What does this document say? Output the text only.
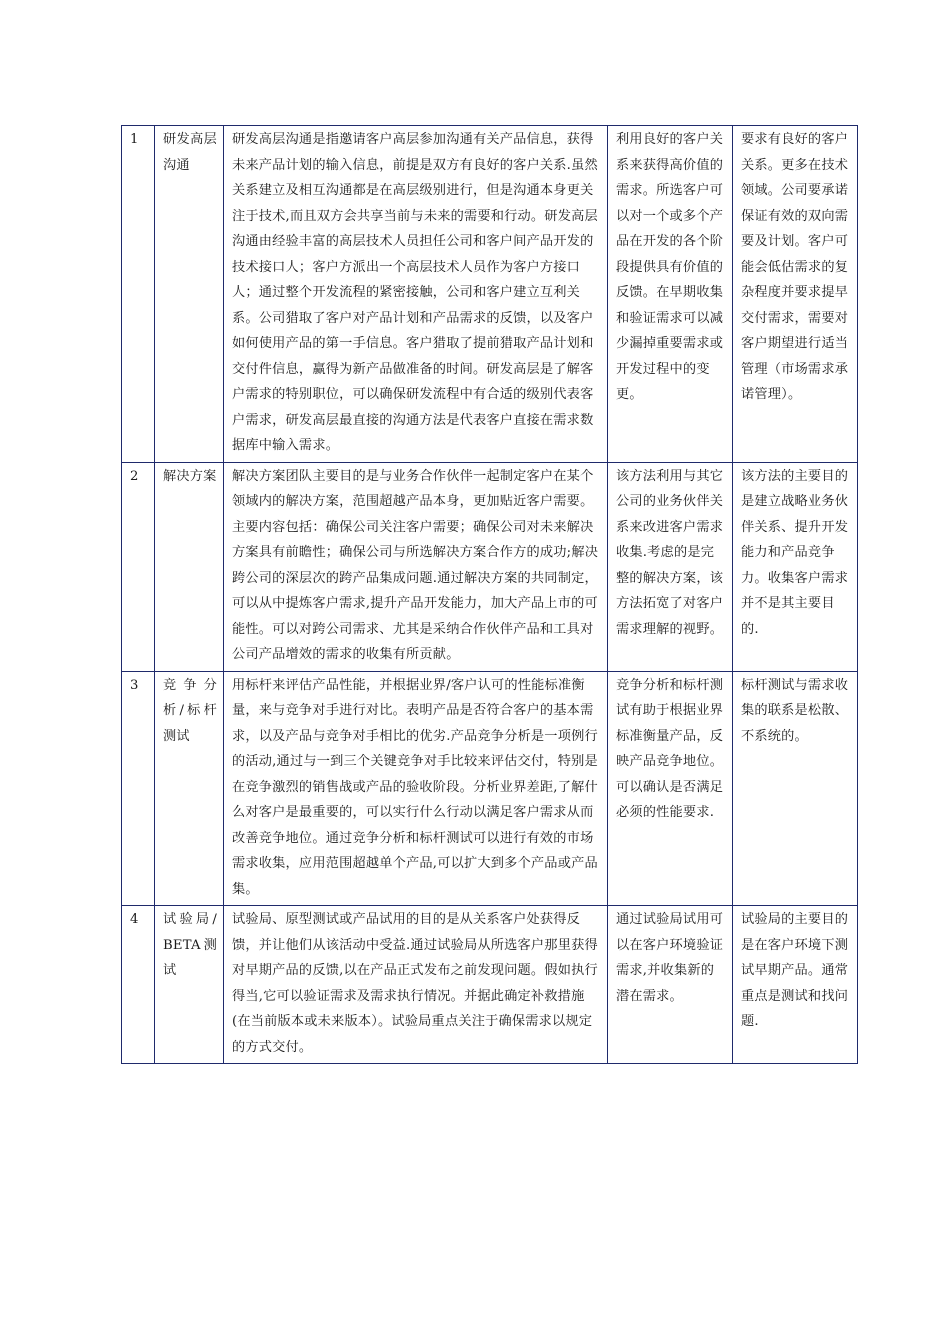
1	研发高层沟通	研发高层沟通是指邀请客户高层参加沟通有关产品信息，获得未来产品计划的输入信息，前提是双方有良好的客户关系.虽然关系建立及相互沟通都是在高层级别进行，但是沟通本身更关注于技术,而且双方会共享当前与未来的需要和行动。研发高层沟通由经验丰富的高层技术人员担任公司和客户间产品开发的技术接口人；客户方派出一个高层技术人员作为客户方接口人；通过整个开发流程的紧密接触，公司和客户建立互利关系。公司猎取了客户对产品计划和产品需求的反馈，以及客户如何使用产品的第一手信息。客户猎取了提前猎取产品计划和交付件信息，赢得为新产品做准备的时间。研发高层是了解客户需求的特别职位，可以确保研发流程中有合适的级别代表客户需求，研发高层最直接的沟通方法是代表客户直接在需求数据库中输入需求。	利用良好的客户关系来获得高价值的需求。所选客户可以对一个或多个产品在开发的各个阶段提供具有价值的反馈。在早期收集和验证需求可以减少漏掉重要需求或开发过程中的变更。	要求有良好的客户关系。更多在技术领域。公司要承诺保证有效的双向需要及计划。客户可能会低估需求的复杂程度并要求提早交付需求，需要对客户期望进行适当管理（市场需求承诺管理）。
2	解决方案	解决方案团队主要目的是与业务合作伙伴一起制定客户在某个领域内的解决方案，范围超越产品本身，更加贴近客户需要。主要内容包括：确保公司关注客户需要；确保公司对未来解决方案具有前瞻性；确保公司与所选解决方案合作方的成功;解决跨公司的深层次的跨产品集成问题.通过解决方案的共同制定，可以从中提炼客户需求,提升产品开发能力，加大产品上市的可能性。可以对跨公司需求、尤其是采纳合作伙伴产品和工具对公司产品增效的需求的收集有所贡献。	该方法利用与其它公司的业务伙伴关系来改进客户需求收集.考虑的是完整的解决方案，该方法拓宽了对客户需求理解的视野。	该方法的主要目的是建立战略业务伙伴关系、提升开发能力和产品竞争力。收集客户需求并不是其主要目的.
3	竞争分析/标杆测试	用标杆来评估产品性能，并根据业界/客户认可的性能标准衡量，来与竞争对手进行对比。表明产品是否符合客户的基本需求，以及产品与竞争对手相比的优劣.产品竞争分析是一项例行的活动,通过与一到三个关键竞争对手比较来评估交付，特别是在竞争激烈的销售战或产品的验收阶段。分析业界差距,了解什么对客户是最重要的，可以实行什么行动以满足客户需求从而改善竞争地位。通过竞争分析和标杆测试可以进行有效的市场需求收集，应用范围超越单个产品,可以扩大到多个产品或产品集。	竞争分析和标杆测试有助于根据业界标准衡量产品，反映产品竞争地位。可以确认是否满足必须的性能要求.	标杆测试与需求收集的联系是松散、不系统的。
4	试验局/BETA测试	试验局、原型测试或产品试用的目的是从关系客户处获得反馈，并让他们从该活动中受益.通过试验局从所选客户那里获得对早期产品的反馈,以在产品正式发布之前发现问题。假如执行得当,它可以验证需求及需求执行情况。并据此确定补救措施(在当前版本或未来版本）。试验局重点关注于确保需求以规定的方式交付。	通过试验局试用可以在客户环境验证需求,并收集新的潜在需求。	试验局的主要目的是在客户环境下测试早期产品。通常重点是测试和找问题.
